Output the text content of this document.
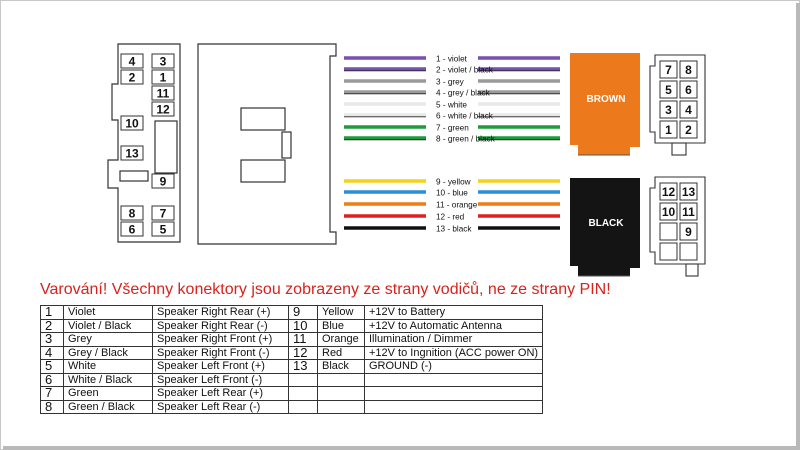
4 3
2 1
11
12
10
13
9
8 7
6 5
1 - violet
2 - violet / black
3 - grey
4 - grey / black
5 - white
6 - white / black
7 - green
8 - green / black
9 - yellow
10 - blue
11 - orange
12 - red
13 - black
BROWN
BLACK
7 8
5 6
3 4
1 2
12 13
10 11
9
Varování! Všechny konektory jsou zobrazeny ze strany vodičů, ne ze strany PIN!
1	Violet	Speaker Right Rear (+)	9	Yellow	+12V to Battery
2	Violet / Black	Speaker Right Rear (-)	10	Blue	+12V to Automatic Antenna
3	Grey	Speaker Right Front (+)	11	Orange	Illumination / Dimmer
4	Grey / Black	Speaker Right Front (-)	12	Red	+12V to Ingnition (ACC power ON)
5	White	Speaker Left Front (+)	13	Black	GROUND (-)
6	White / Black	Speaker Left Front (-)			
7	Green	Speaker Left Rear (+)			
8	Green / Black	Speaker Left Rear (-)			
